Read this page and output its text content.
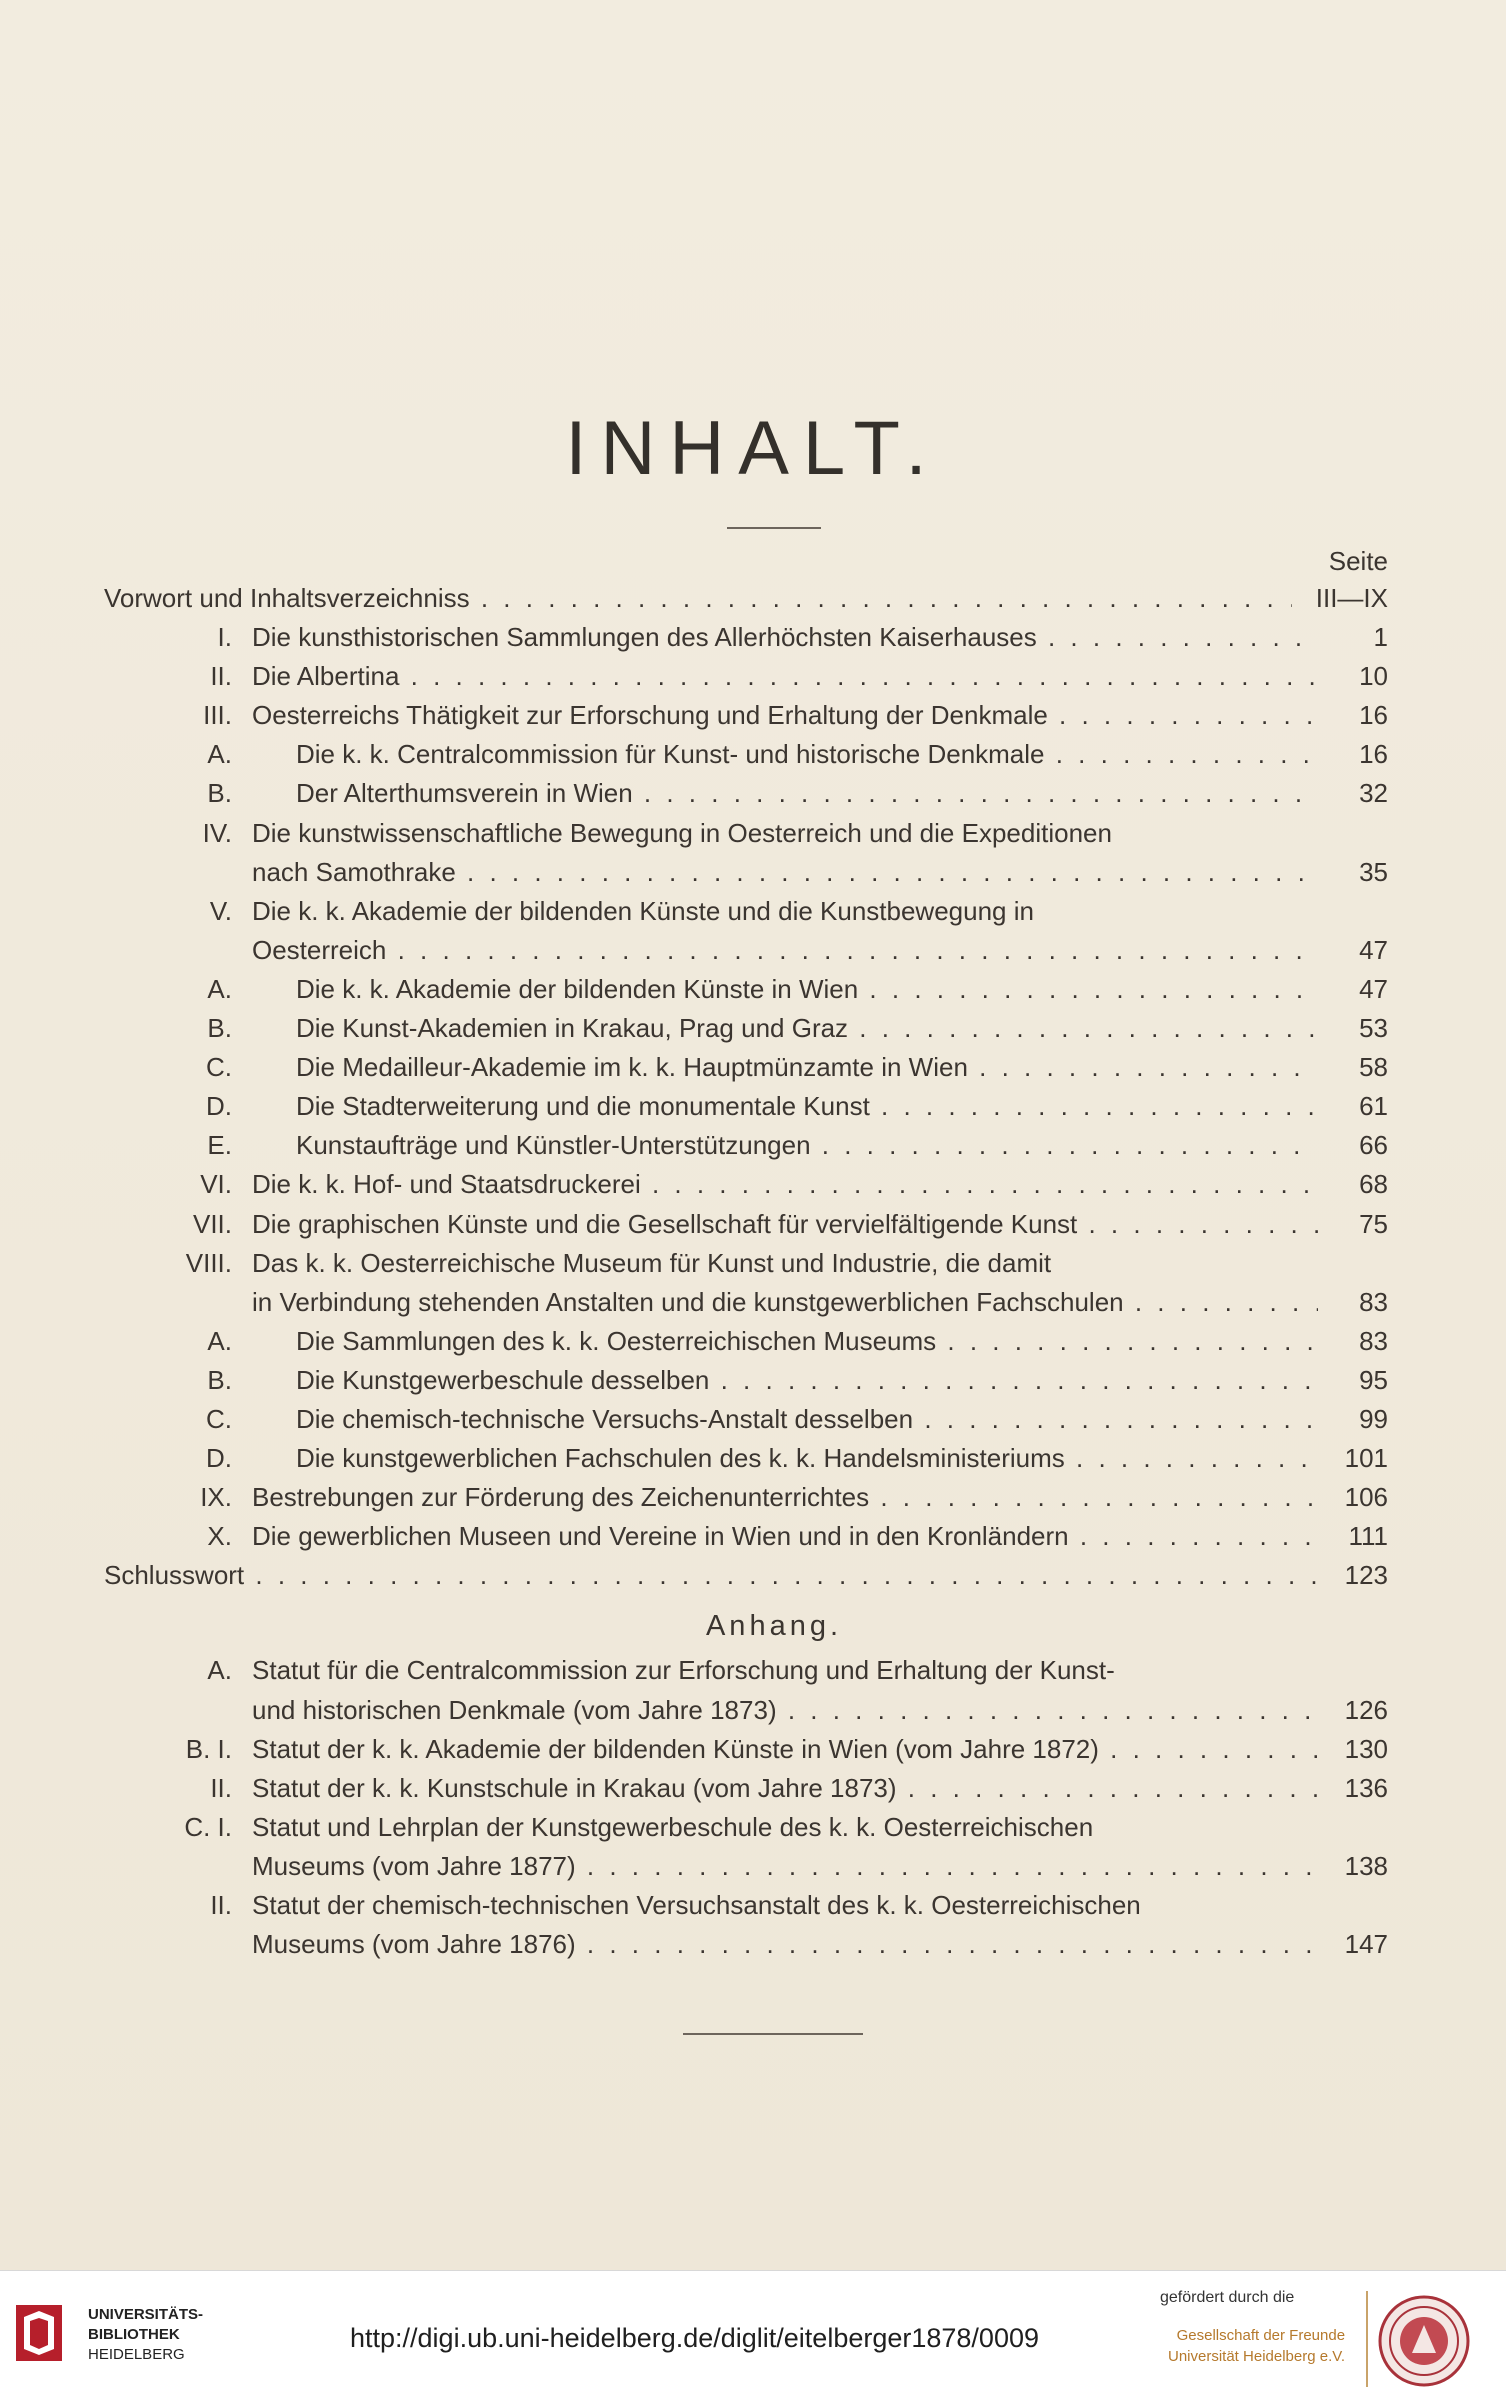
INHALT.
Seite
Vorwort und Inhaltsverzeichniss . . .	III—IX
I. Die kunsthistorischen Sammlungen des Allerhöchsten Kaiserhauses . . .	1
II. Die Albertina . . .	10
III. Oesterreichs Thätigkeit zur Erforschung und Erhaltung der Denkmale . . .	16
A. Die k. k. Centralcommission für Kunst- und historische Denkmale . . .	16
B. Der Alterthumsverein in Wien . . .	32
IV. Die kunstwissenschaftliche Bewegung in Oesterreich und die Expeditionen
nach Samothrake . . .	35
V. Die k. k. Akademie der bildenden Künste und die Kunstbewegung in
Oesterreich . . .	47
A. Die k. k. Akademie der bildenden Künste in Wien . . .	47
B. Die Kunst-Akademien in Krakau, Prag und Graz . . .	53
C. Die Medailleur-Akademie im k. k. Hauptmünzamte in Wien . . .	58
D. Die Stadterweiterung und die monumentale Kunst . . .	61
E. Kunstaufträge und Künstler-Unterstützungen . . .	66
VI. Die k. k. Hof- und Staatsdruckerei . . .	68
VII. Die graphischen Künste und die Gesellschaft für vervielfältigende Kunst . . .	75
VIII. Das k. k. Oesterreichische Museum für Kunst und Industrie, die damit
in Verbindung stehenden Anstalten und die kunstgewerblichen Fachschulen . . .	83
A. Die Sammlungen des k. k. Oesterreichischen Museums . . .	83
B. Die Kunstgewerbeschule desselben . . .	95
C. Die chemisch-technische Versuchs-Anstalt desselben . . .	99
D. Die kunstgewerblichen Fachschulen des k. k. Handelsministeriums . . .	101
IX. Bestrebungen zur Förderung des Zeichenunterrichtes . . .	106
X. Die gewerblichen Museen und Vereine in Wien und in den Kronländern . . .	111
Schlusswort . . .	123
Anhang.
A. Statut für die Centralcommission zur Erforschung und Erhaltung der Kunst-
und historischen Denkmale (vom Jahre 1873) . . .	126
B. I. Statut der k. k. Akademie der bildenden Künste in Wien (vom Jahre 1872) . . .	130
II. Statut der k. k. Kunstschule in Krakau (vom Jahre 1873) . . .	136
C. I. Statut und Lehrplan der Kunstgewerbeschule des k. k. Oesterreichischen
Museums (vom Jahre 1877) . . .	138
II. Statut der chemisch-technischen Versuchsanstalt des k. k. Oesterreichischen
Museums (vom Jahre 1876) . . .	147
UNIVERSITÄTS-
BIBLIOTHEK
HEIDELBERG
http://digi.ub.uni-heidelberg.de/diglit/eitelberger1878/0009
gefördert durch die
Gesellschaft der Freunde
Universität Heidelberg e.V.
